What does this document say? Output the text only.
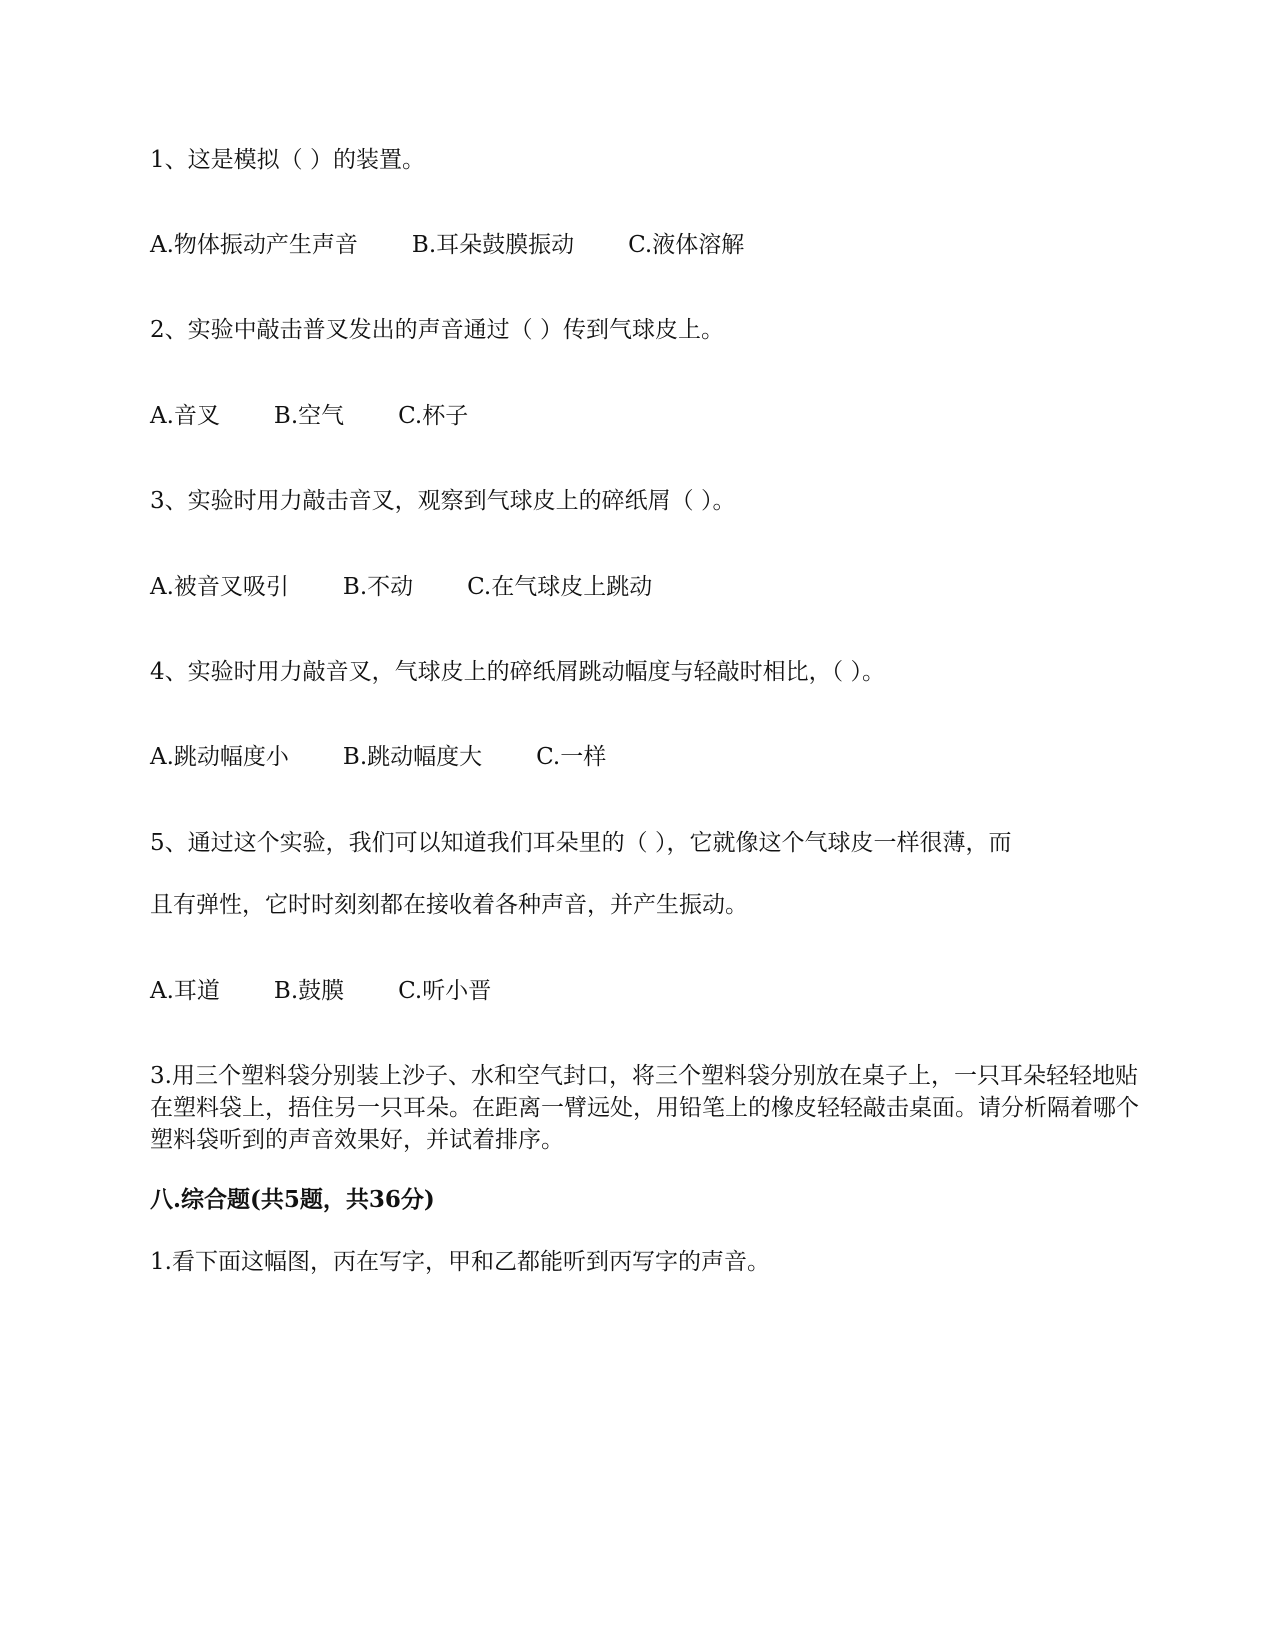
1、这是模拟（ ）的装置。
A.物体振动产生声音 B.耳朵鼓膜振动 C.液体溶解
2、实验中敲击普叉发出的声音通过（ ）传到气球皮上。
A.音叉 B.空气 C.杯子
3、实验时用力敲击音叉，观察到气球皮上的碎纸屑（ ）。
A.被音叉吸引 B.不动 C.在气球皮上跳动
4、实验时用力敲音叉，气球皮上的碎纸屑跳动幅度与轻敲时相比，（ ）。
A.跳动幅度小 B.跳动幅度大 C.一样
5、通过这个实验，我们可以知道我们耳朵里的（ ），它就像这个气球皮一样很薄，而
且有弹性，它时时刻刻都在接收着各种声音，并产生振动。
A.耳道 B.鼓膜 C.听小晋
3.用三个塑料袋分别装上沙子、水和空气封口，将三个塑料袋分别放在桌子上，一只耳朵轻轻地贴在塑料袋上，捂住另一只耳朵。在距离一臂远处，用铅笔上的橡皮轻轻敲击桌面。请分析隔着哪个塑料袋听到的声音效果好，并试着排序。
八.综合题(共5题，共36分)
1.看下面这幅图，丙在写字，甲和乙都能听到丙写字的声音。
